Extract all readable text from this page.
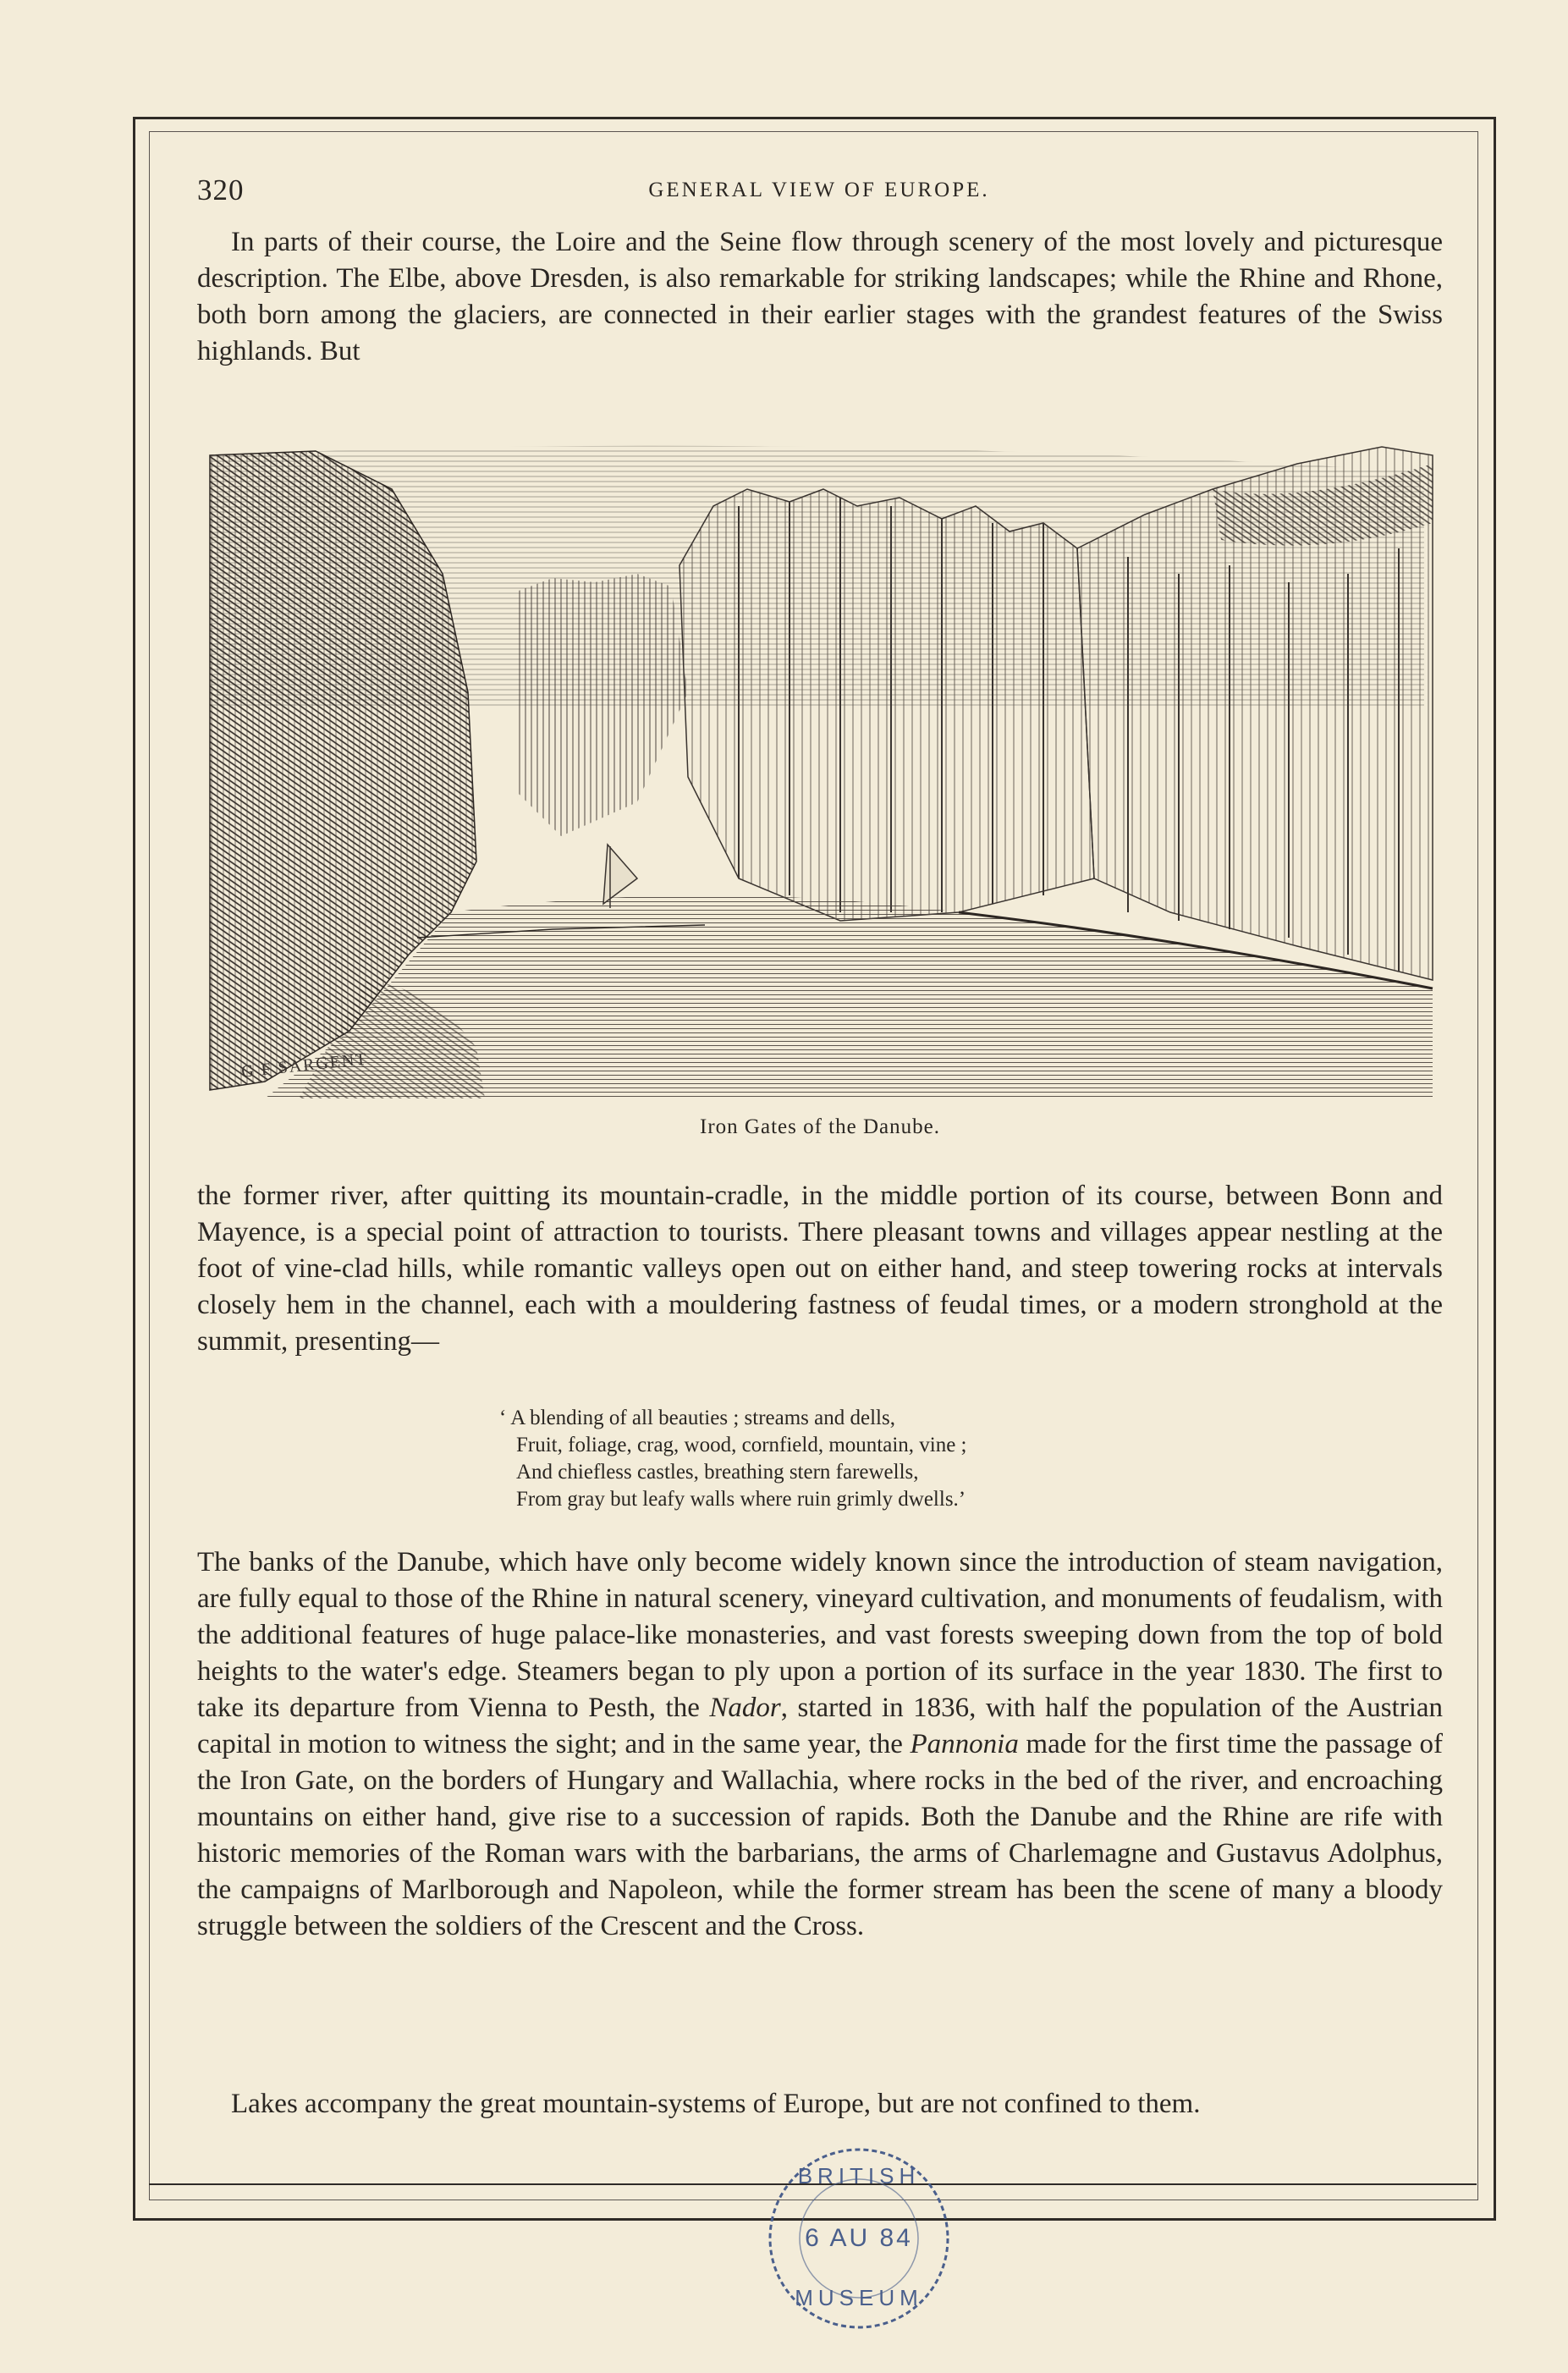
320	GENERAL VIEW OF EUROPE.

In parts of their course, the Loire and the Seine flow through scenery of the most lovely and picturesque description. The Elbe, above Dresden, is also remarkable for striking landscapes; while the Rhine and Rhone, both born among the glaciers, are connected in their earlier stages with the grandest features of the Swiss highlands. But

G F SARGENT
Iron Gates of the Danube.

the former river, after quitting its mountain-cradle, in the middle portion of its course, between Bonn and Mayence, is a special point of attraction to tourists. There pleasant towns and villages appear nestling at the foot of vine-clad hills, while romantic valleys open out on either hand, and steep towering rocks at intervals closely hem in the channel, each with a mouldering fastness of feudal times, or a modern stronghold at the summit, presenting—

‘ A blending of all beauties ; streams and dells,
Fruit, foliage, crag, wood, cornfield, mountain, vine ;
And chiefless castles, breathing stern farewells,
From gray but leafy walls where ruin grimly dwells.’

The banks of the Danube, which have only become widely known since the introduction of steam navigation, are fully equal to those of the Rhine in natural scenery, vineyard cultivation, and monuments of feudalism, with the additional features of huge palace-like monasteries, and vast forests sweeping down from the top of bold heights to the water's edge. Steamers began to ply upon a portion of its surface in the year 1830. The first to take its departure from Vienna to Pesth, the Nador, started in 1836, with half the population of the Austrian capital in motion to witness the sight; and in the same year, the Pannonia made for the first time the passage of the Iron Gate, on the borders of Hungary and Wallachia, where rocks in the bed of the river, and encroaching mountains on either hand, give rise to a succession of rapids. Both the Danube and the Rhine are rife with historic memories of the Roman wars with the barbarians, the arms of Charlemagne and Gustavus Adolphus, the campaigns of Marlborough and Napoleon, while the former stream has been the scene of many a bloody struggle between the soldiers of the Crescent and the Cross.

Lakes accompany the great mountain-systems of Europe, but are not confined to them.

BRITISH
6 AU 84
MUSEUM
